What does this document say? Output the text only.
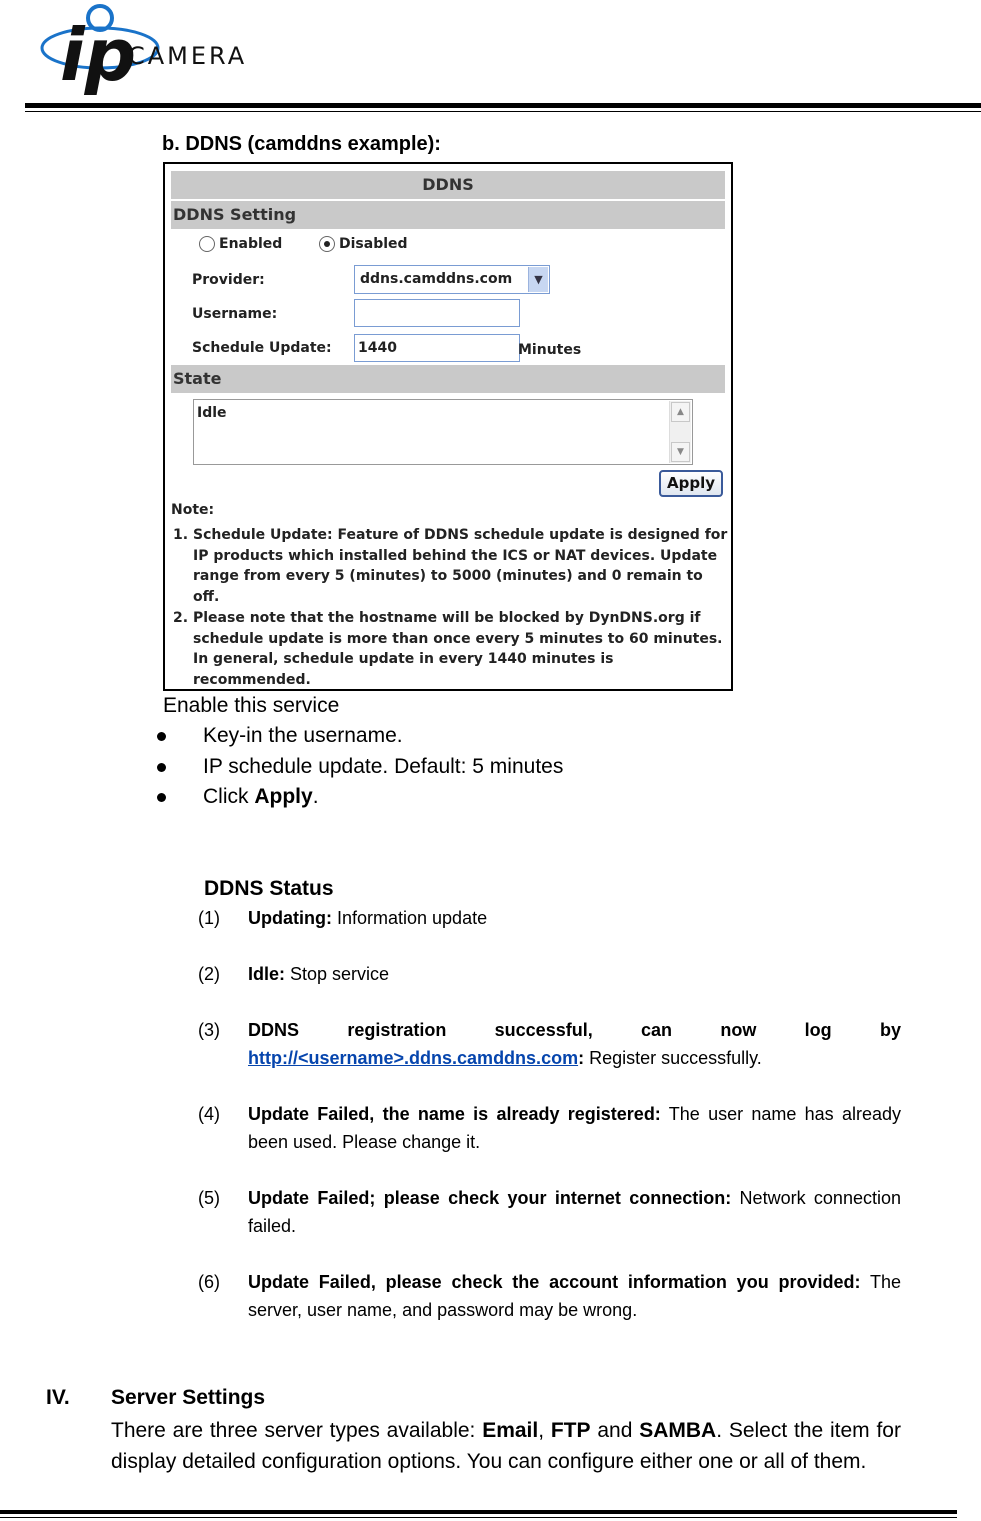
ip
CAMERA
b. DDNS (camddns example):
DDNS
DDNS Setting
Enabled	Disabled
Provider:	ddns.camddns.com	▼
Username:
Schedule Update: 1440	Minutes
State
Idle	▲
▼
Apply
Note:
1. Schedule Update: Feature of DDNS schedule update is designed for IP products which installed behind the ICS or NAT devices. Update range from every 5 (minutes) to 5000 (minutes) and 0 remain to off.
2. Please note that the hostname will be blocked by DynDNS.org if schedule update is more than once every 5 minutes to 60 minutes. In general, schedule update in every 1440 minutes is recommended.
Enable this service
Key-in the username.
IP schedule update. Default: 5 minutes
Click Apply.
DDNS Status
(1)	Updating: Information update
(2)	Idle: Stop service
(3)	DDNS registration successful, can now log by
http://<username>.ddns.camddns.com: Register successfully.
(4)	Update Failed, the name is already registered: The user name has already been used. Please change it.
(5)	Update Failed; please check your internet connection: Network connection failed.
(6)	Update Failed, please check the account information you provided: The server, user name, and password may be wrong.
IV. Server Settings
There are three server types available: Email, FTP and SAMBA. Select the item for display detailed configuration options. You can configure either one or all of them.
